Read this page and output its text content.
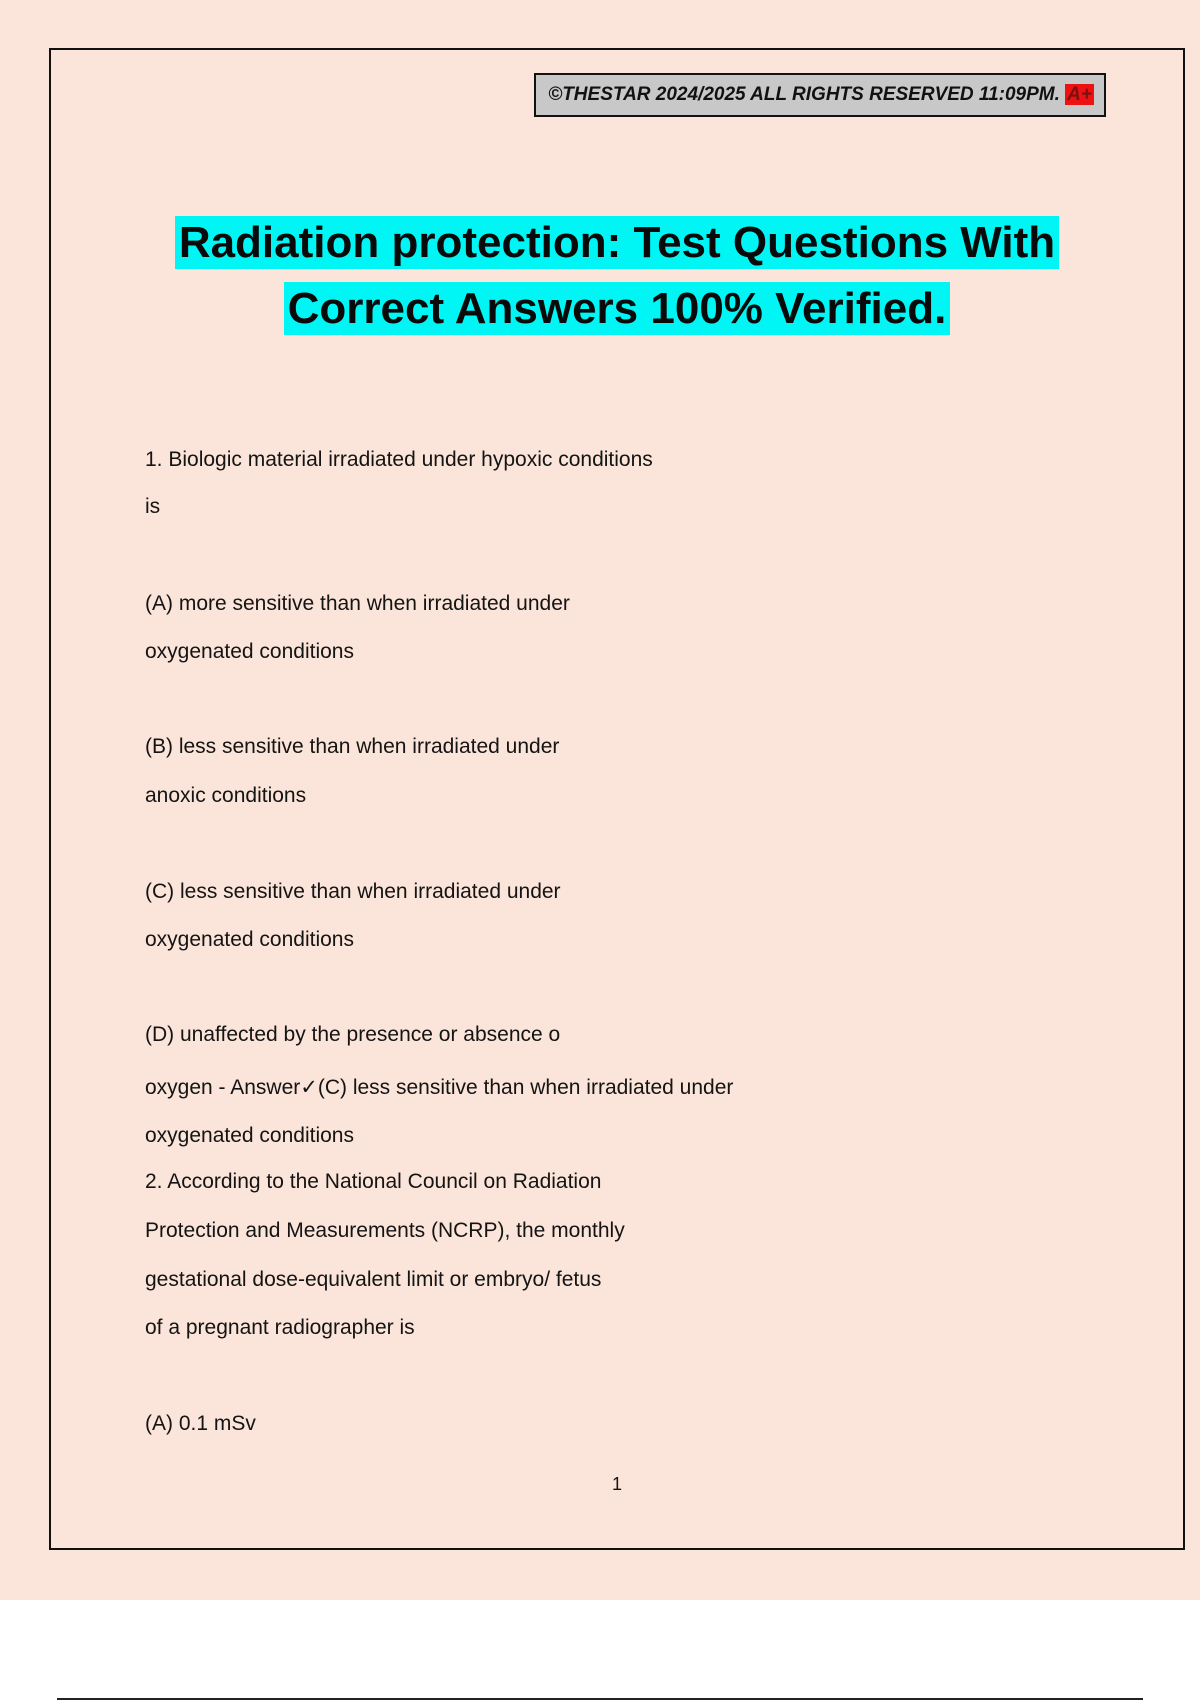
©THESTAR 2024/2025 ALL RIGHTS RESERVED 11:09PM. A+
Radiation protection: Test Questions With
Correct Answers 100% Verified.
1. Biologic material irradiated under hypoxic conditions
is
(A) more sensitive than when irradiated under
oxygenated conditions
(B) less sensitive than when irradiated under
anoxic conditions
(C) less sensitive than when irradiated under
oxygenated conditions
(D) unaffected by the presence or absence o
oxygen - Answer✓(C) less sensitive than when irradiated under
oxygenated conditions
2. According to the National Council on Radiation
Protection and Measurements (NCRP), the monthly
gestational dose-equivalent limit or embryo/ fetus
of a pregnant radiographer is
(A) 0.1 mSv
1
